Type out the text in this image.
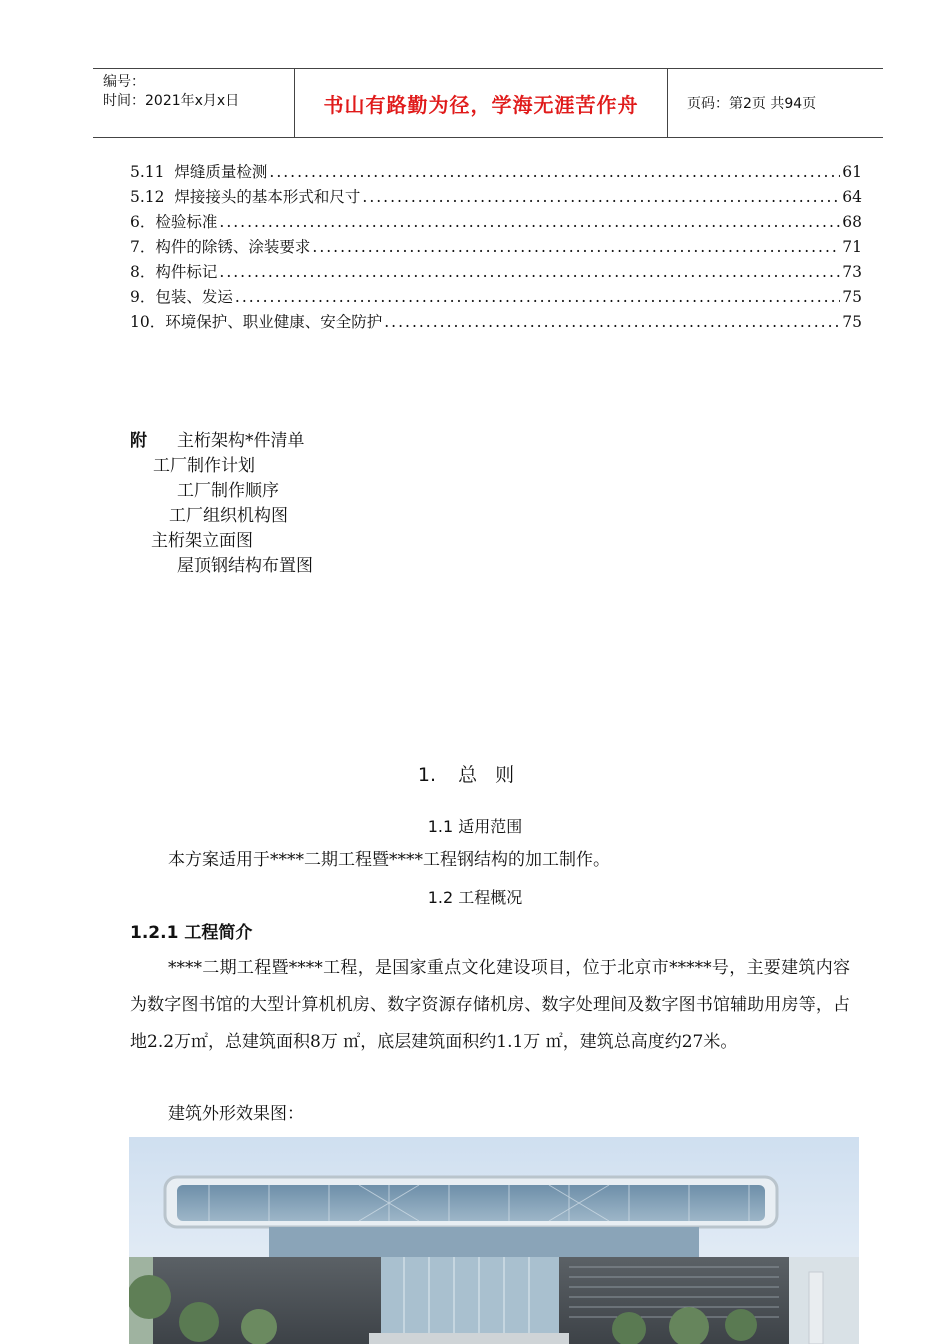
编号：
时间：2021年x月x日	书山有路勤为径，学海无涯苦作舟	页码：第2页 共94页
5.11 焊缝质量检测 .....	61
5.12 焊接接头的基本形式和尺寸 .....	64
6． 检验标准 .....	68
7． 构件的除锈、涂装要求 .....	71
8． 构件标记 .....	73
9． 包装、发运 .....	75
10． 环境保护、职业健康、安全防护 .....	75
附 主桁架构*件清单
工厂制作计划
工厂制作顺序
工厂组织机构图
主桁架立面图
屋顶钢结构布置图
1. 总则
1.1 适用范围
本方案适用于****二期工程暨****工程钢结构的加工制作。
1.2 工程概况
1.2.1 工程简介
****二期工程暨****工程，是国家重点文化建设项目，位于北京市*****号，主要建筑内容为数字图书馆的大型计算机机房、数字资源存储机房、数字处理间及数字图书馆辅助用房等，占地2.2万㎡，总建筑面积8万 ㎡，底层建筑面积约1.1万 ㎡，建筑总高度约27米。
建筑外形效果图：
